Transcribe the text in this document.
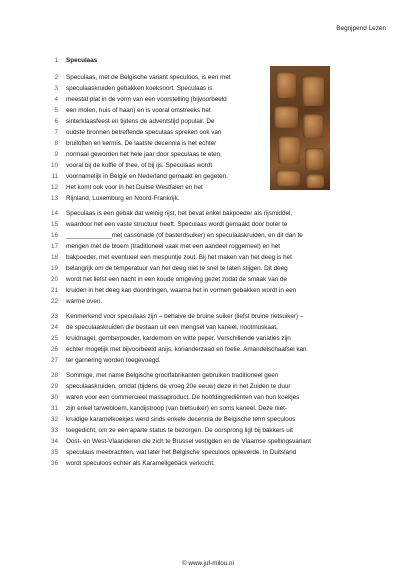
Begrijpend Lezen
1 Speculaas
2 Speculaas, met de Belgische variant speculoos, is een met
3 speculaaskruiden gebakken koeksoort. Speculaas is
4 meestal plat in de vorm van een voorstelling (bijvoorbeeld
5 een molen, huis of haan) en is vooral omstreeks het
6 sinterklaasfeest en tijdens de adventstijd populair. De
7 oudste bronnen betreffende speculaas spreken ook van
8 bruiloften en kermis. De laatste decennia is het echter
9 normaal geworden het hele jaar door speculaas te eten,
10 vooral bij de koffie of thee, of bij ijs. Speculaas wordt
11 voornamelijk in België en Nederland gemaakt en gegeten.
12 Het komt ook voor in het Duitse Westfalen en het
13 Rijnland, Luxemburg en Noord-Frankrijk.
14 Speculaas is een gebak dat weinig rijst, het bevat enkel bakpoeder als rijsmiddel,
15 waardoor het een vaste structuur heeft. Speculaas wordt gemaakt door boter te
16 _____________met cassonade (of basterdsuiker) en speculaaskruiden, en dit dan te
17 mengen met de bloem (traditioneel vaak met een aandeel roggemeel) en het
18 bakpoeder, met eventueel een mespuntje zout. Bij het maken van het deeg is het
19 belangrijk om de temperatuur van het deeg niet te snel te laten stijgen. Dit deeg
20 wordt het liefst een nacht in een koude omgeving gezet zodat de smaak van de
21 kruiden in het deeg kan doordringen, waarna het in vormen gebakken wordt in een
22 warme oven.
23 Kenmerkend voor speculaas zijn – behalve de bruine suiker (liefst bruine rietsuiker) –
24 de speculaaskruiden die bestaan uit een mengsel van kaneel, nootmuskaat,
25 kruidnagel, gemberpoeder, kardemom en witte peper. Verschillende variaties zijn
26 echter mogelijk met bijvoorbeeld anijs, korianderzaad en foelie. Amandelschaafsel kan
27 ter garnering worden toegevoegd.
28 Sommige, met name Belgische grootfabrikanten gebruiken traditioneel geen
29 speculaaskruiden, omdat (tijdens de vroeg 20e eeuw) deze in het Zuiden te duur
30 waren voor een commercieel massaproduct. De hoofdingrediënten van hun koekjes
31 zijn enkel tarwebloem, kandijstroop (van bietsuiker) en soms kaneel. Deze niet-
32 kruidige karamelkoekjes werd sinds enkele decennia de Belgische term speculoos
33 toegedicht, om ze een aparte status te bezorgen. De oorsprong ligt bij bakkers uit
34 Oost- en West-Vlaanderen die zich te Brussel vestigden en de Vlaamse spellingsvariant
35 speculaus meebrachten, wat later het Belgische speculoos opleverde. In Duitsland
36 wordt speculoos echter als Karamellgebäck verkocht.
© www.juf-milou.nl
